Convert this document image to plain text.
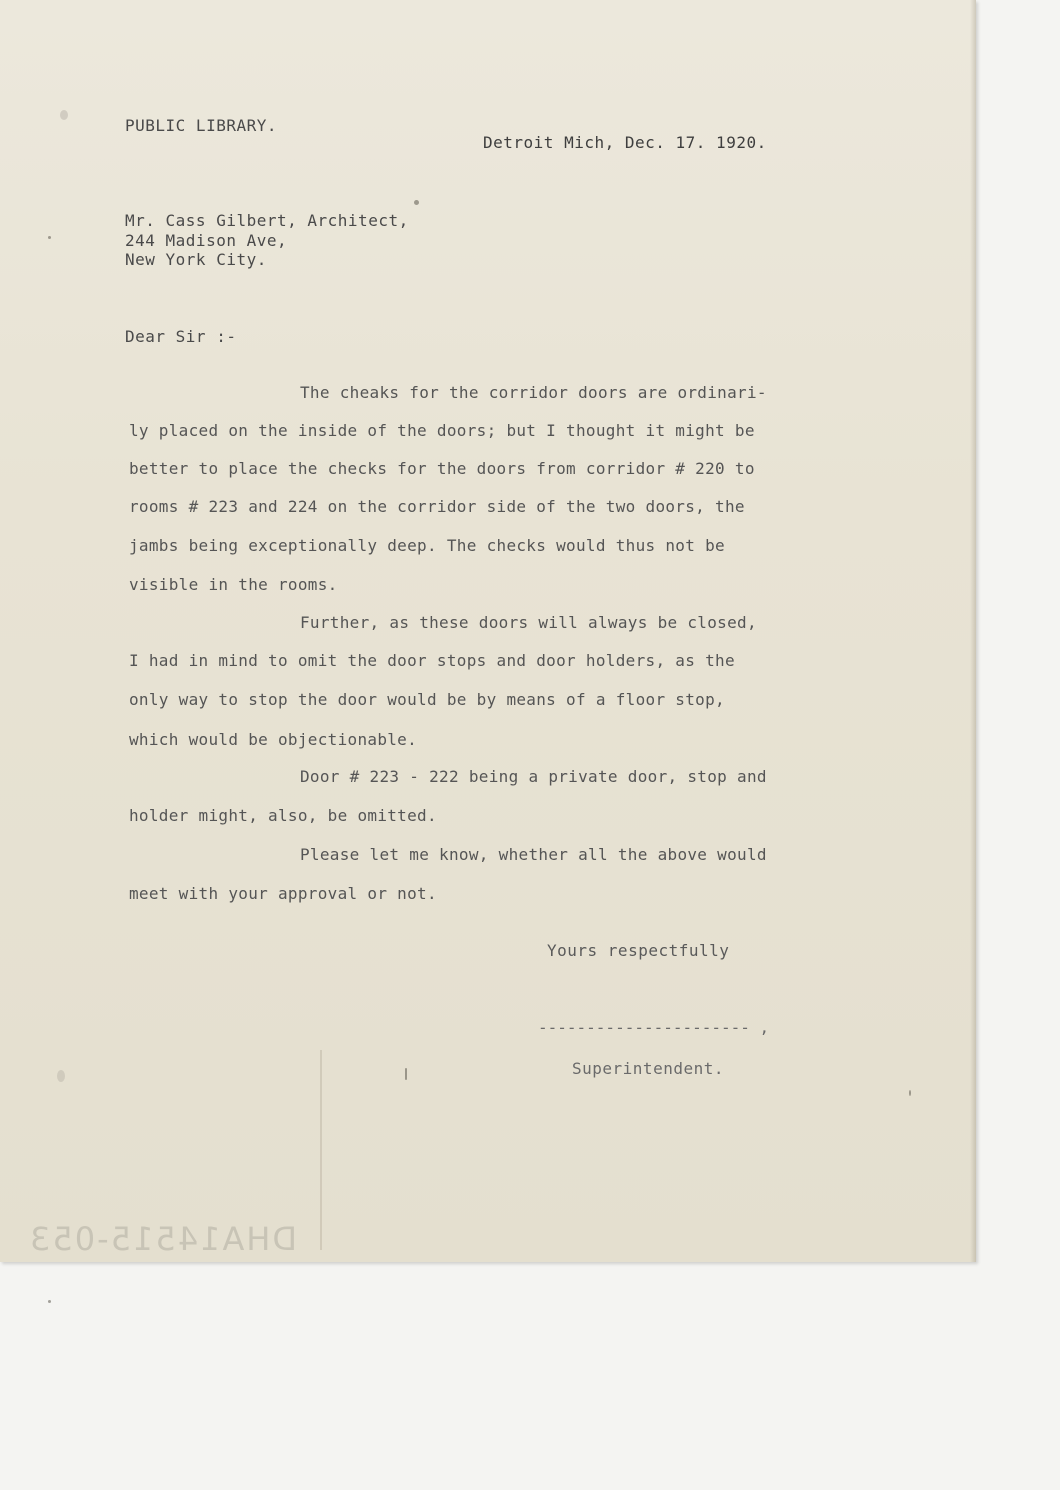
PUBLIC LIBRARY.

Detroit Mich, Dec. 17. 1920.

Mr. Cass Gilbert, Architect,

244 Madison Ave,

New York City.

Dear Sir :-

The cheaks for the corridor doors are ordinari-

ly placed on the inside of the doors; but I thought it might be

better to place the checks for the doors from corridor # 220 to

rooms # 223 and 224 on the corridor side of the two doors, the

jambs being exceptionally deep. The checks would thus not be

visible in the rooms.

Further, as these doors will always be closed,

I had in mind to omit the door stops and door holders, as the

only way to stop the door would be by means of a floor stop,

which would be objectionable.

Door # 223 - 222 being a private door, stop and

holder might, also, be omitted.

Please let me know, whether all the above would

meet with your approval or not.

Yours respectfully

---------------------- ,

Superintendent.

DHA14515-053
